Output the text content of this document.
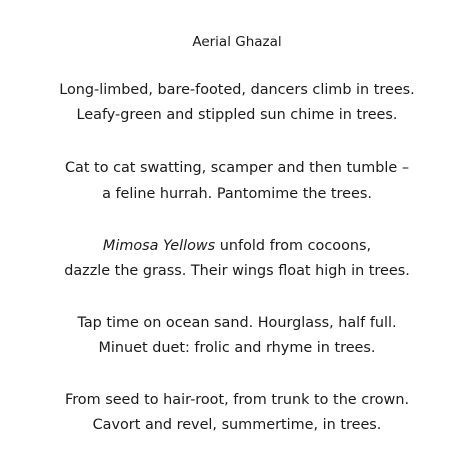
Aerial Ghazal
Long-limbed, bare-footed, dancers climb in trees.
Leafy-green and stippled sun chime in trees.
Cat to cat swatting, scamper and then tumble –
a feline hurrah. Pantomime the trees.
Mimosa Yellows unfold from cocoons,
dazzle the grass. Their wings float high in trees.
Tap time on ocean sand. Hourglass, half full.
Minuet duet: frolic and rhyme in trees.
From seed to hair-root, from trunk to the crown.
Cavort and revel, summertime, in trees.
